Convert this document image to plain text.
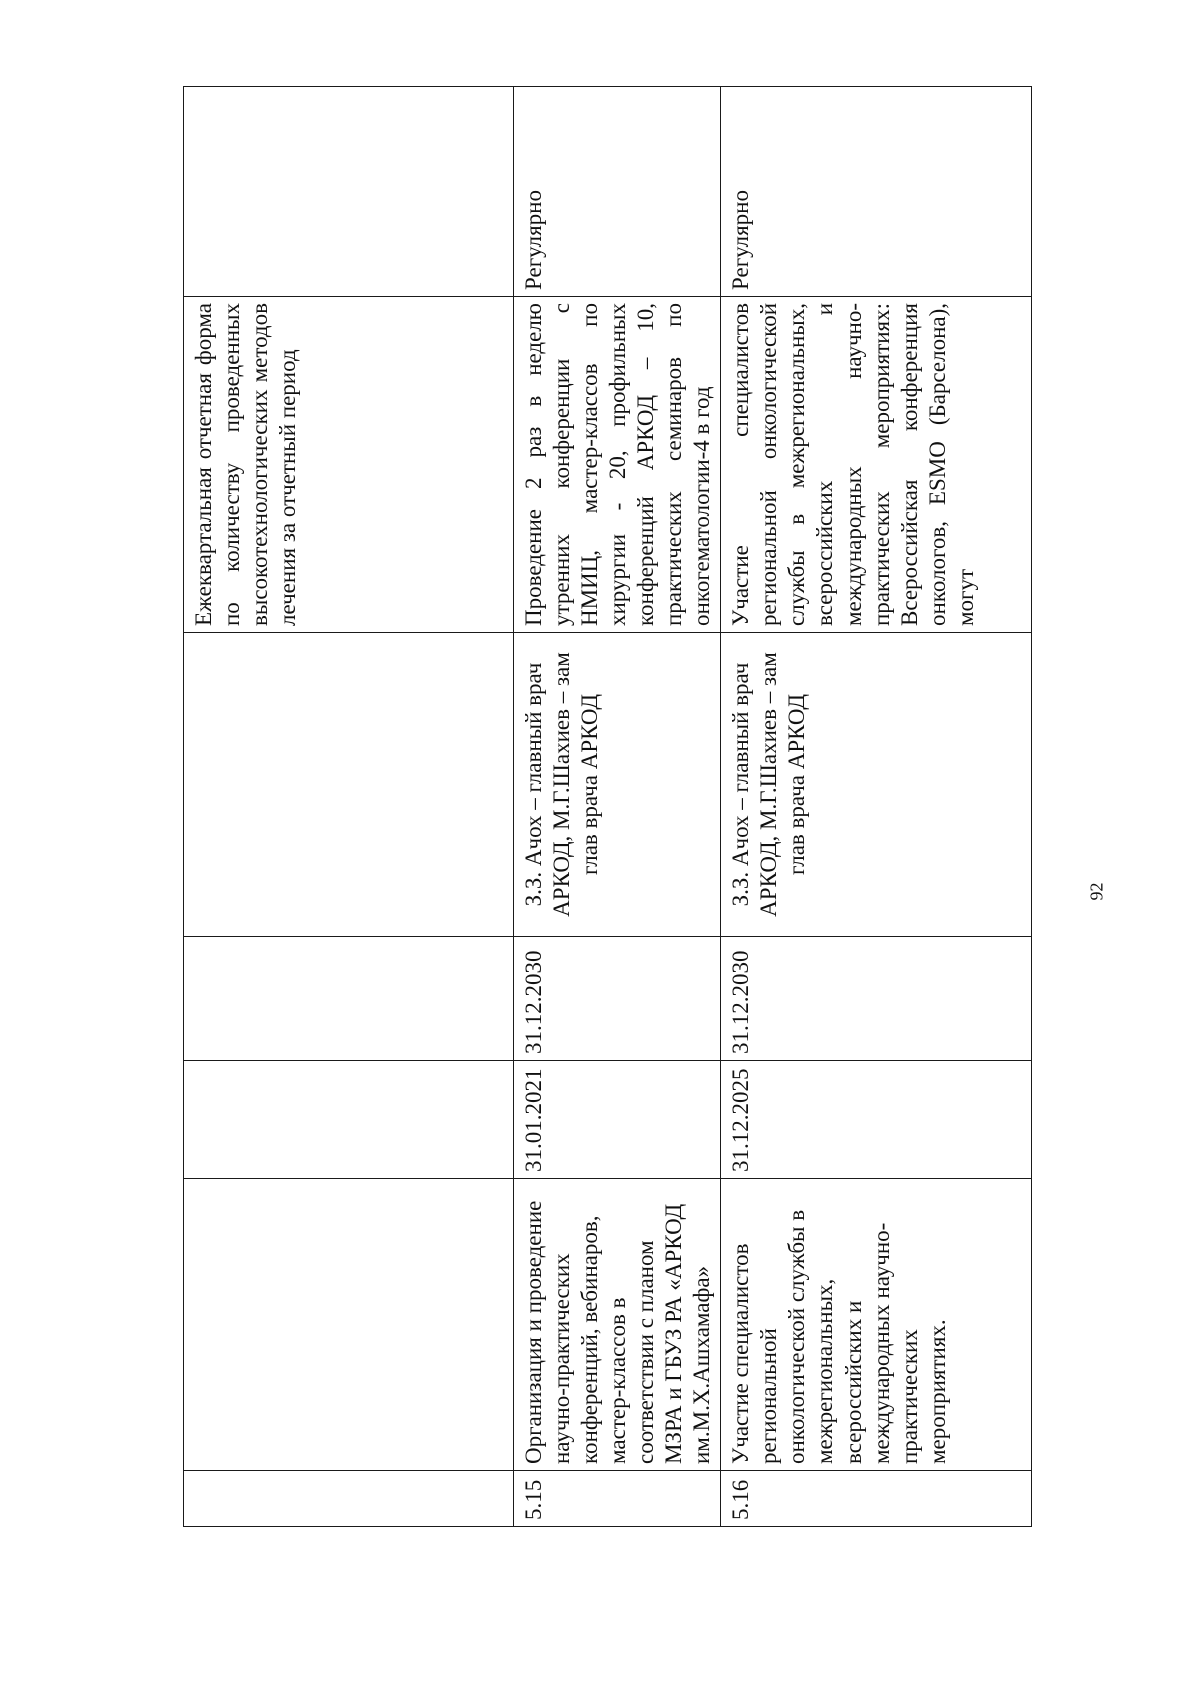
					Ежеквартальная отчетная форма по количеству проведенных высокотехнологических методов лечения за отчетный период	

5.15	Организация и проведение научно-практических конференций, вебинаров, мастер-классов в соответствии с планом МЗРА и ГБУЗ РА «АРКОД им.М.Х.Ашхамафа»	31.01.2021	31.12.2030	З.З. Ачох – главный врач АРКОД, М.Г.Шахиев – зам глав врача АРКОД	Проведение 2 раз в неделю утренних конференции с НМИЦ, мастер-классов по хирургии - 20, профильных конференций АРКОД – 10, практических семинаров по онкогематологии-4 в год	Регулярно

5.16	Участие специалистов региональной онкологической службы в межрегиональных, всероссийских и международных научно-практических мероприятиях.	31.12.2025	31.12.2030	З.З. Ачох – главный врач АРКОД, М.Г.Шахиев – зам глав врача АРКОД	Участие специалистов региональной онкологической службы в межрегиональных, всероссийских и международных научно-практических мероприятиях: Всероссийская конференция онкологов, ESMO (Барселона), могут	Регулярно
92
